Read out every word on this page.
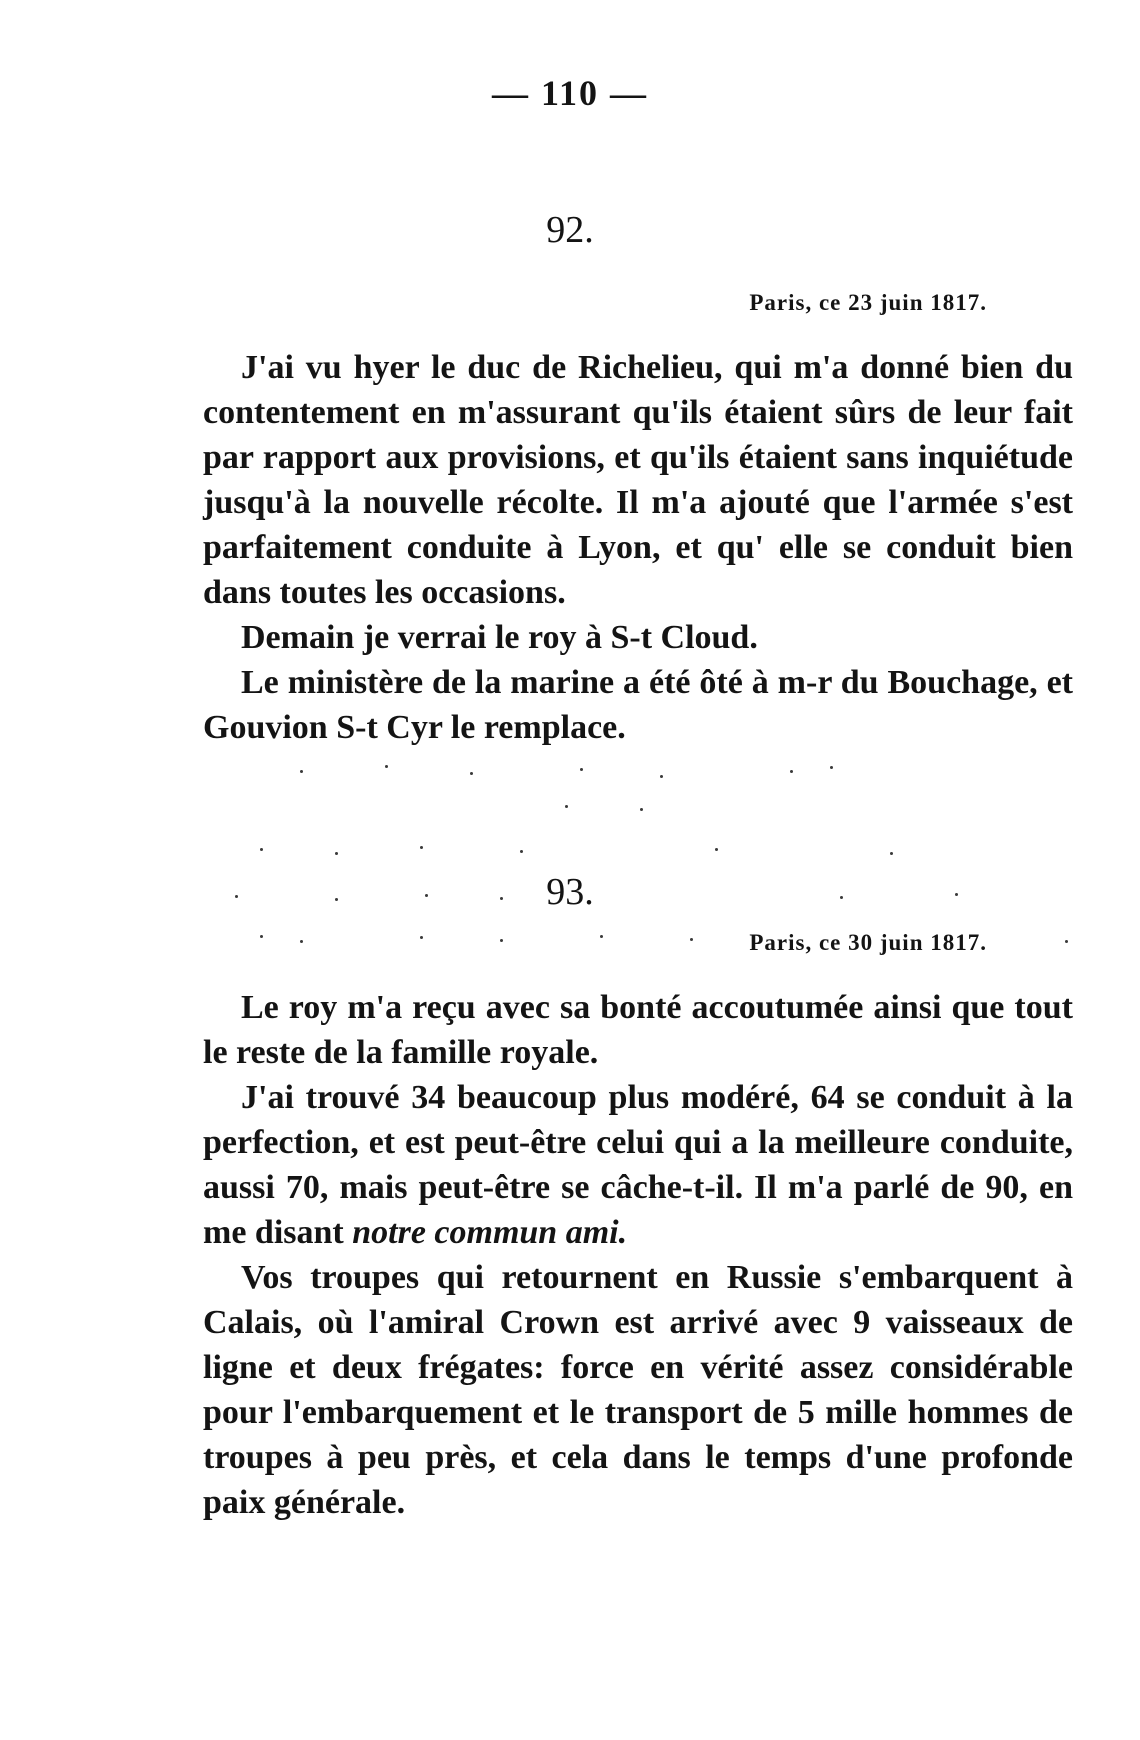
— 110 —
92.
Paris, ce 23 juin 1817.

J'ai vu hyer le duc de Richelieu, qui m'a donné bien du contentement en m'assurant qu'ils étaient sûrs de leur fait par rapport aux provisions, et qu'ils étaient sans inquiétude jusqu'à la nouvelle récolte. Il m'a ajouté que l'armée s'est parfaitement conduite à Lyon, et qu' elle se conduit bien dans toutes les occasions.

Demain je verrai le roy à S-t Cloud.

Le ministère de la marine a été ôté à m-r du Bouchage, et Gouvion S-t Cyr le remplace.

93.
Paris, ce 30 juin 1817.

Le roy m'a reçu avec sa bonté accoutumée ainsi que tout le reste de la famille royale.

J'ai trouvé 34 beaucoup plus modéré, 64 se conduit à la perfection, et est peut-être celui qui a la meilleure conduite, aussi 70, mais peut-être se câche-t-il. Il m'a parlé de 90, en me disant notre commun ami.

Vos troupes qui retournent en Russie s'embarquent à Calais, où l'amiral Crown est arrivé avec 9 vaisseaux de ligne et deux frégates: force en vérité assez considérable pour l'embarquement et le transport de 5 mille hommes de troupes à peu près, et cela dans le temps d'une profonde paix générale.
